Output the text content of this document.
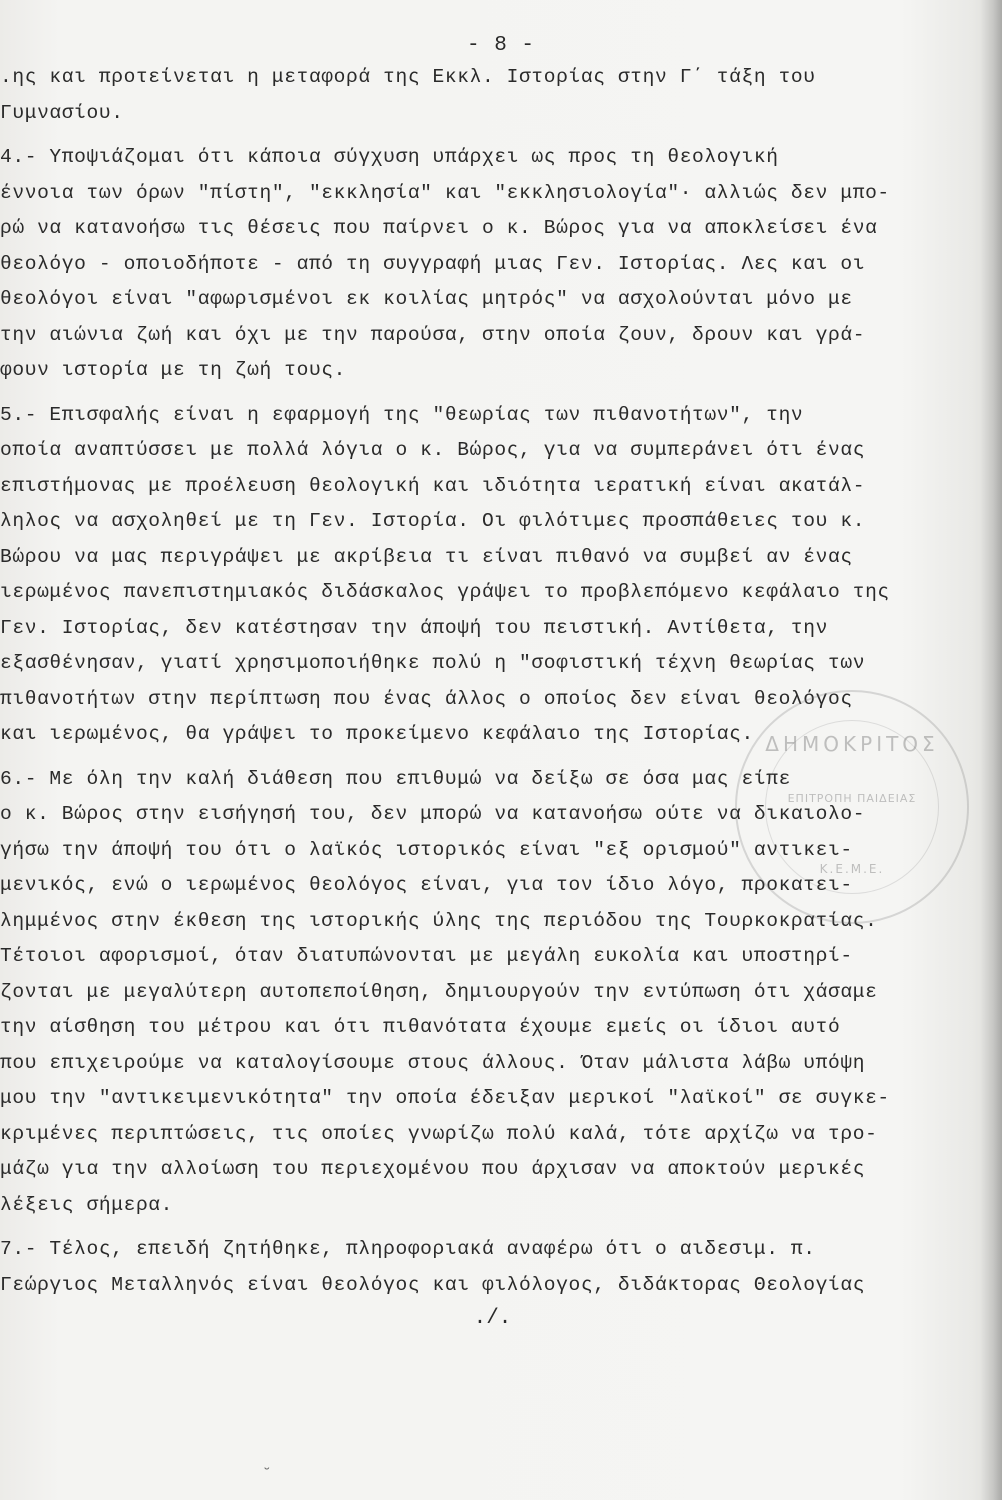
- 8 -
.ης και προτείνεται η μεταφορά της Εκκλ. Ιστορίας στην Γ΄ τάξη του
Γυμνασίου.
4.- Υποψιάζομαι ότι κάποια σύγχυση υπάρχει ως προς τη θεολογική
έννοια των όρων "πίστη", "εκκλησία" και "εκκλησιολογία"· αλλιώς δεν μπο-
ρώ να κατανοήσω τις θέσεις που παίρνει ο κ. Βώρος για να αποκλείσει ένα
θεολόγο - οποιοδήποτε - από τη συγγραφή μιας Γεν. Ιστορίας. Λες και οι
θεολόγοι είναι "αφωρισμένοι εκ κοιλίας μητρός" να ασχολούνται μόνο με
την αιώνια ζωή και όχι με την παρούσα, στην οποία ζουν, δρουν και γρά-
φουν ιστορία με τη ζωή τους.
5.- Επισφαλής είναι η εφαρμογή της "θεωρίας των πιθανοτήτων", την
οποία αναπτύσσει με πολλά λόγια ο κ. Βώρος, για να συμπεράνει ότι ένας
επιστήμονας με προέλευση θεολογική και ιδιότητα ιερατική είναι ακατάλ-
ληλος να ασχοληθεί με τη Γεν. Ιστορία. Οι φιλότιμες προσπάθειες του κ.
Βώρου να μας περιγράψει με ακρίβεια τι είναι πιθανό να συμβεί αν ένας
ιερωμένος πανεπιστημιακός διδάσκαλος γράψει το προβλεπόμενο κεφάλαιο της
Γεν. Ιστορίας, δεν κατέστησαν την άποψή του πειστική. Αντίθετα, την
εξασθένησαν, γιατί χρησιμοποιήθηκε πολύ η "σοφιστική τέχνη θεωρίας των
πιθανοτήτων στην περίπτωση που ένας άλλος ο οποίος δεν είναι θεολόγος
και ιερωμένος, θα γράψει το προκείμενο κεφάλαιο της Ιστορίας.
6.- Με όλη την καλή διάθεση που επιθυμώ να δείξω σε όσα μας είπε
ο κ. Βώρος στην εισήγησή του, δεν μπορώ να κατανοήσω ούτε να δικαιολο-
γήσω την άποψή του ότι ο λαϊκός ιστορικός είναι "εξ ορισμού" αντικει-
μενικός, ενώ ο ιερωμένος θεολόγος είναι, για τον ίδιο λόγο, προκατει-
λημμένος στην έκθεση της ιστορικής ύλης της περιόδου της Τουρκοκρατίας.
Τέτοιοι αφορισμοί, όταν διατυπώνονται με μεγάλη ευκολία και υποστηρί-
ζονται με μεγαλύτερη αυτοπεποίθηση, δημιουργούν την εντύπωση ότι χάσαμε
την αίσθηση του μέτρου και ότι πιθανότατα έχουμε εμείς οι ίδιοι αυτό
που επιχειρούμε να καταλογίσουμε στους άλλους. Όταν μάλιστα λάβω υπόψη
μου την "αντικειμενικότητα" την οποία έδειξαν μερικοί "λαϊκοί" σε συγκε-
κριμένες περιπτώσεις, τις οποίες γνωρίζω πολύ καλά, τότε αρχίζω να τρο-
μάζω για την αλλοίωση του περιεχομένου που άρχισαν να αποκτούν μερικές
λέξεις σήμερα.
7.- Τέλος, επειδή ζητήθηκε, πληροφοριακά αναφέρω ότι ο αιδεσιμ. π.
Γεώργιος Μεταλληνός είναι θεολόγος και φιλόλογος, διδάκτορας Θεολογίας
./.
ΔΗΜΟΚΡΙΤΟΣ
ΕΠΙΤΡΟΠΗ ΠΑΙΔΕΙΑΣ
Κ.Ε.Μ.Ε.
˘
